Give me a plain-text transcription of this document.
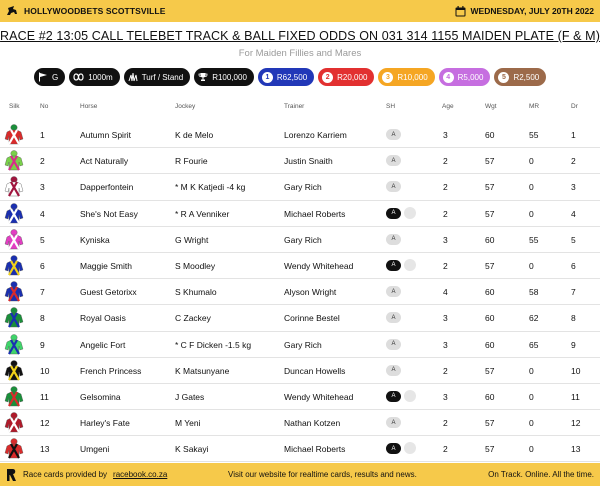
HOLLYWOODBETS SCOTTSVILLE	WEDNESDAY, JULY 20TH 2022
RACE #2 13:05 CALL TELEBET TRACK & BALL FIXED ODDS ON 031 314 1155 MAIDEN PLATE (F & M)
For Maiden Fillies and Mares
G	1000m	Turf / Stand	R100,000	1 R62,500	2 R20,000	3 R10,000	4 R5,000	5 R2,500
Silk	No	Horse	Jockey	Trainer	SH	Age	Wgt	MR	Dr
1	Autumn Spirit	K de Melo	Lorenzo Karriem	A	3	60	55	1
2	Act Naturally	R Fourie	Justin Snaith	A	2	57	0	2
3	Dapperfontein	* M K Katjedi -4 kg	Gary Rich	A	2	57	0	3
4	She's Not Easy	* R A Venniker	Michael Roberts	A	2	57	0	4
5	Kyniska	G Wright	Gary Rich	A	3	60	55	5
6	Maggie Smith	S Moodley	Wendy Whitehead	A	2	57	0	6
7	Guest Getorixx	S Khumalo	Alyson Wright	A	4	60	58	7
8	Royal Oasis	C Zackey	Corinne Bestel	A	3	60	62	8
9	Angelic Fort	* C F Dicken -1.5 kg	Gary Rich	A	3	60	65	9
10	French Princess	K Matsunyane	Duncan Howells	A	2	57	0	10
11	Gelsomina	J Gates	Wendy Whitehead	A	3	60	0	11
12	Harley's Fate	M Yeni	Nathan Kotzen	A	2	57	0	12
13	Umgeni	K Sakayi	Michael Roberts	A	2	57	0	13
Race cards provided by racebook.co.za	Visit our website for realtime cards, results and news.	On Track. Online. All the time.
